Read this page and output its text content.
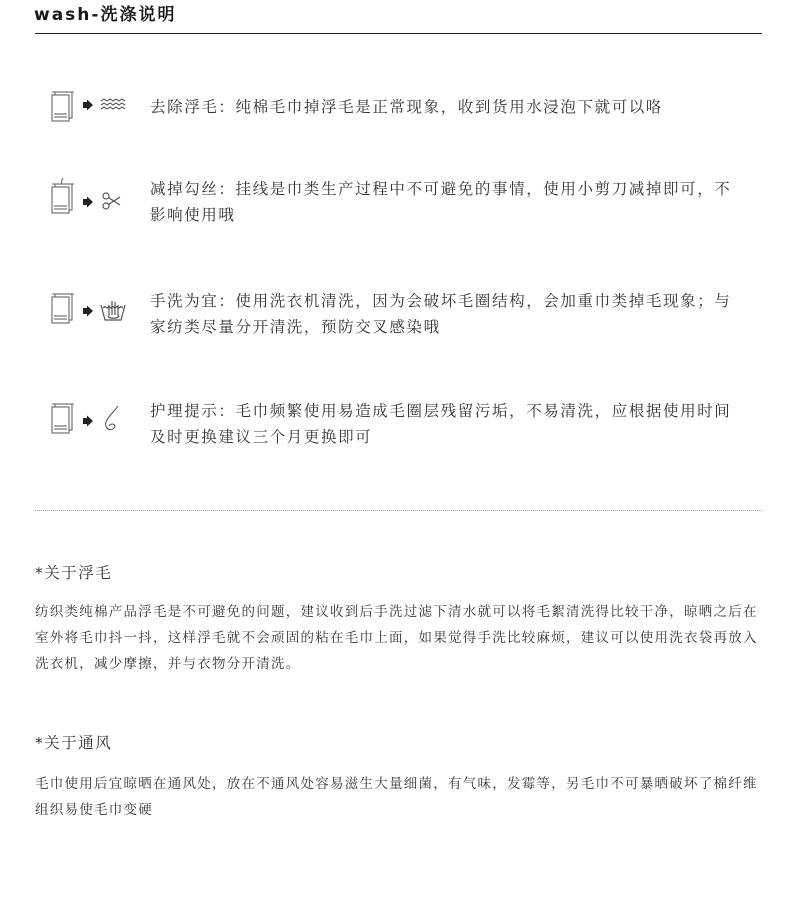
wash-洗涤说明
去除浮毛：纯棉毛巾掉浮毛是正常现象，收到货用水浸泡下就可以咯
减掉勾丝：挂线是巾类生产过程中不可避免的事情，使用小剪刀减掉即可，不影响使用哦
手洗为宜：使用洗衣机清洗，因为会破坏毛圈结构，会加重巾类掉毛现象；与家纺类尽量分开清洗，预防交叉感染哦
护理提示：毛巾频繁使用易造成毛圈层残留污垢，不易清洗，应根据使用时间及时更换建议三个月更换即可
*关于浮毛
纺织类纯棉产品浮毛是不可避免的问题，建议收到后手洗过滤下清水就可以将毛絮清洗得比较干净，晾晒之后在室外将毛巾抖一抖，这样浮毛就不会顽固的粘在毛巾上面，如果觉得手洗比较麻烦，建议可以使用洗衣袋再放入洗衣机，减少摩擦，并与衣物分开清洗。
*关于通风
毛巾使用后宜晾晒在通风处，放在不通风处容易滋生大量细菌，有气味，发霉等，另毛巾不可暴晒破坏了棉纤维组织易使毛巾变硬
